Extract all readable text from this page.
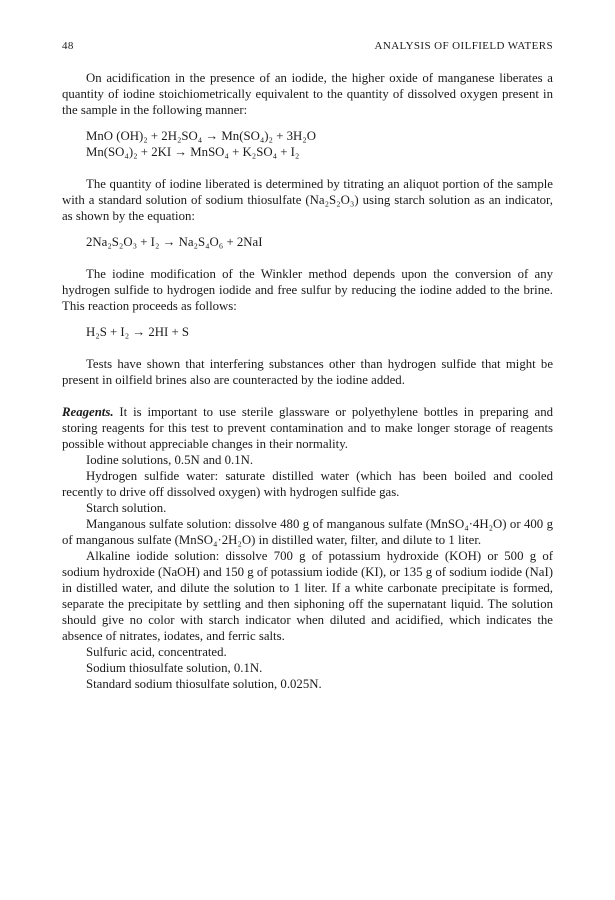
48	ANALYSIS OF OILFIELD WATERS

On acidification in the presence of an iodide, the higher oxide of manganese liberates a quantity of iodine stoichiometrically equivalent to the quantity of dissolved oxygen present in the sample in the following manner:

MnO (OH)₂ + 2H₂SO₄ → Mn(SO₄)₂ + 3H₂O
Mn(SO₄)₂ + 2KI → MnSO₄ + K₂SO₄ + I₂

The quantity of iodine liberated is determined by titrating an aliquot portion of the sample with a standard solution of sodium thiosulfate (Na₂S₂O₃) using starch solution as an indicator, as shown by the equation:

2Na₂S₂O₃ + I₂ → Na₂S₄O₆ + 2NaI

The iodine modification of the Winkler method depends upon the conversion of any hydrogen sulfide to hydrogen iodide and free sulfur by reducing the iodine added to the brine. This reaction proceeds as follows:

H₂S + I₂ → 2HI + S

Tests have shown that interfering substances other than hydrogen sulfide that might be present in oilfield brines also are counteracted by the iodine added.

Reagents. It is important to use sterile glassware or polyethylene bottles in preparing and storing reagents for this test to prevent contamination and to make longer storage of reagents possible without appreciable changes in their normality.

Iodine solutions, 0.5N and 0.1N.

Hydrogen sulfide water: saturate distilled water (which has been boiled and cooled recently to drive off dissolved oxygen) with hydrogen sulfide gas.

Starch solution.

Manganous sulfate solution: dissolve 480 g of manganous sulfate (MnSO₄·4H₂O) or 400 g of manganous sulfate (MnSO₄·2H₂O) in distilled water, filter, and dilute to 1 liter.

Alkaline iodide solution: dissolve 700 g of potassium hydroxide (KOH) or 500 g of sodium hydroxide (NaOH) and 150 g of potassium iodide (KI), or 135 g of sodium iodide (NaI) in distilled water, and dilute the solution to 1 liter. If a white carbonate precipitate is formed, separate the precipitate by settling and then siphoning off the supernatant liquid. The solution should give no color with starch indicator when diluted and acidified, which indicates the absence of nitrates, iodates, and ferric salts.

Sulfuric acid, concentrated.

Sodium thiosulfate solution, 0.1N.

Standard sodium thiosulfate solution, 0.025N.
